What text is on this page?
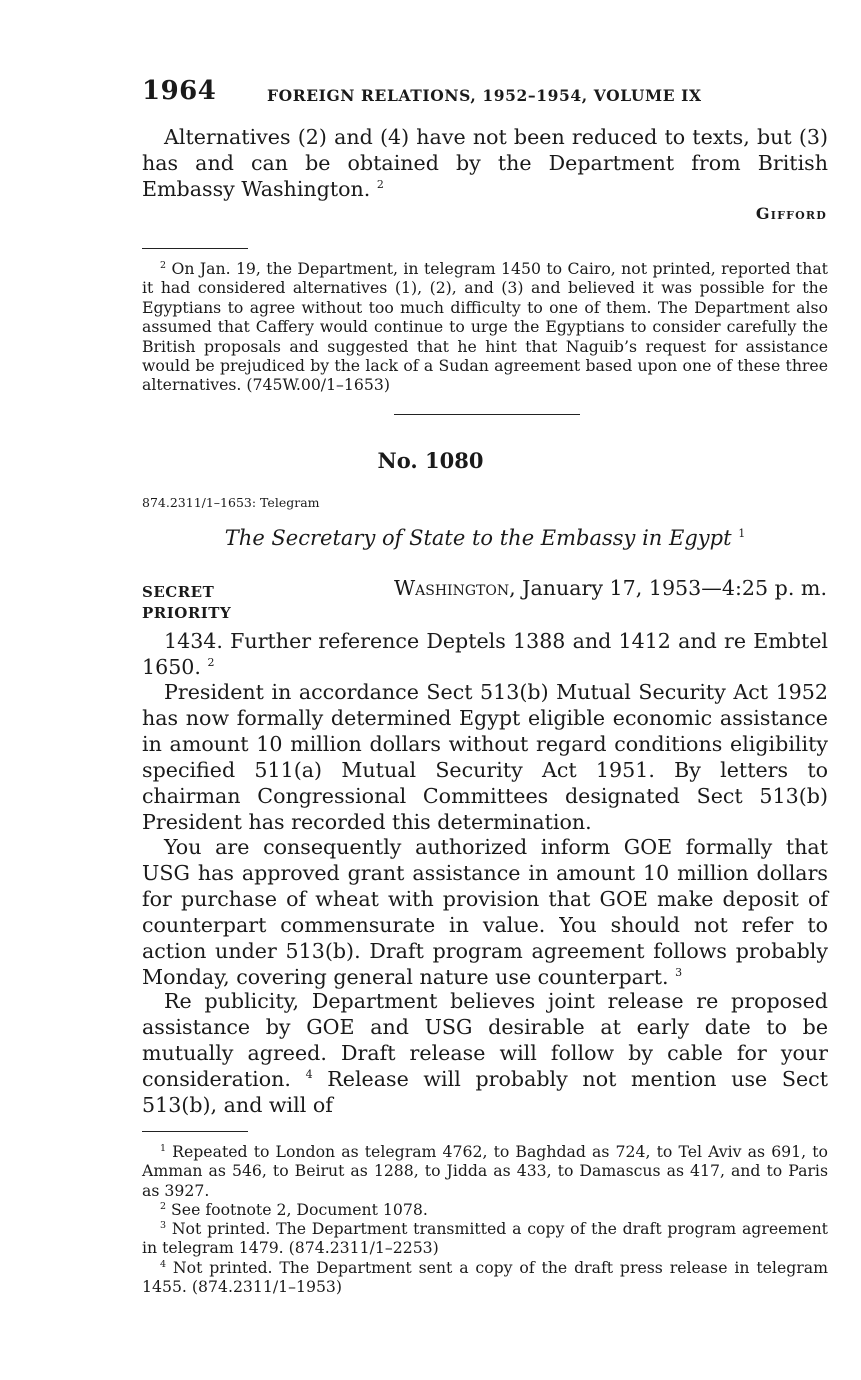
1964	FOREIGN RELATIONS, 1952–1954, VOLUME IX

Alternatives (2) and (4) have not been reduced to texts, but (3) has and can be obtained by the Department from British Embassy Washington. $^2$

Gifford

$^2$ On Jan. 19, the Department, in telegram 1450 to Cairo, not printed, reported that it had considered alternatives (1), (2), and (3) and believed it was possible for the Egyptians to agree without too much difficulty to one of them. The Department also assumed that Caffery would continue to urge the Egyptians to consider carefully the British proposals and suggested that he hint that Naguib’s request for assistance would be prejudiced by the lack of a Sudan agreement based upon one of these three alternatives. (745W.00/1–1653)

No. 1080
874.2311/1–1653: Telegram
The Secretary of State to the Embassy in Egypt $^1$
SECRET
PRIORITY
Washington, January 17, 1953—4:25 p. m.

1434. Further reference Deptels 1388 and 1412 and re Embtel 1650. $^2$

President in accordance Sect 513(b) Mutual Security Act 1952 has now formally determined Egypt eligible economic assistance in amount 10 million dollars without regard conditions eligibility specified 511(a) Mutual Security Act 1951. By letters to chairman Congressional Committees designated Sect 513(b) President has recorded this determination.

You are consequently authorized inform GOE formally that USG has approved grant assistance in amount 10 million dollars for purchase of wheat with provision that GOE make deposit of counterpart commensurate in value. You should not refer to action under 513(b). Draft program agreement follows probably Monday, covering general nature use counterpart. $^3$

Re publicity, Department believes joint release re proposed assistance by GOE and USG desirable at early date to be mutually agreed. Draft release will follow by cable for your consideration. $^4$ Release will probably not mention use Sect 513(b), and will of

$^1$ Repeated to London as telegram 4762, to Baghdad as 724, to Tel Aviv as 691, to Amman as 546, to Beirut as 1288, to Jidda as 433, to Damascus as 417, and to Paris as 3927.

$^2$ See footnote 2, Document 1078.

$^3$ Not printed. The Department transmitted a copy of the draft program agreement in telegram 1479. (874.2311/1–2253)

$^4$ Not printed. The Department sent a copy of the draft press release in telegram 1455. (874.2311/1–1953)
